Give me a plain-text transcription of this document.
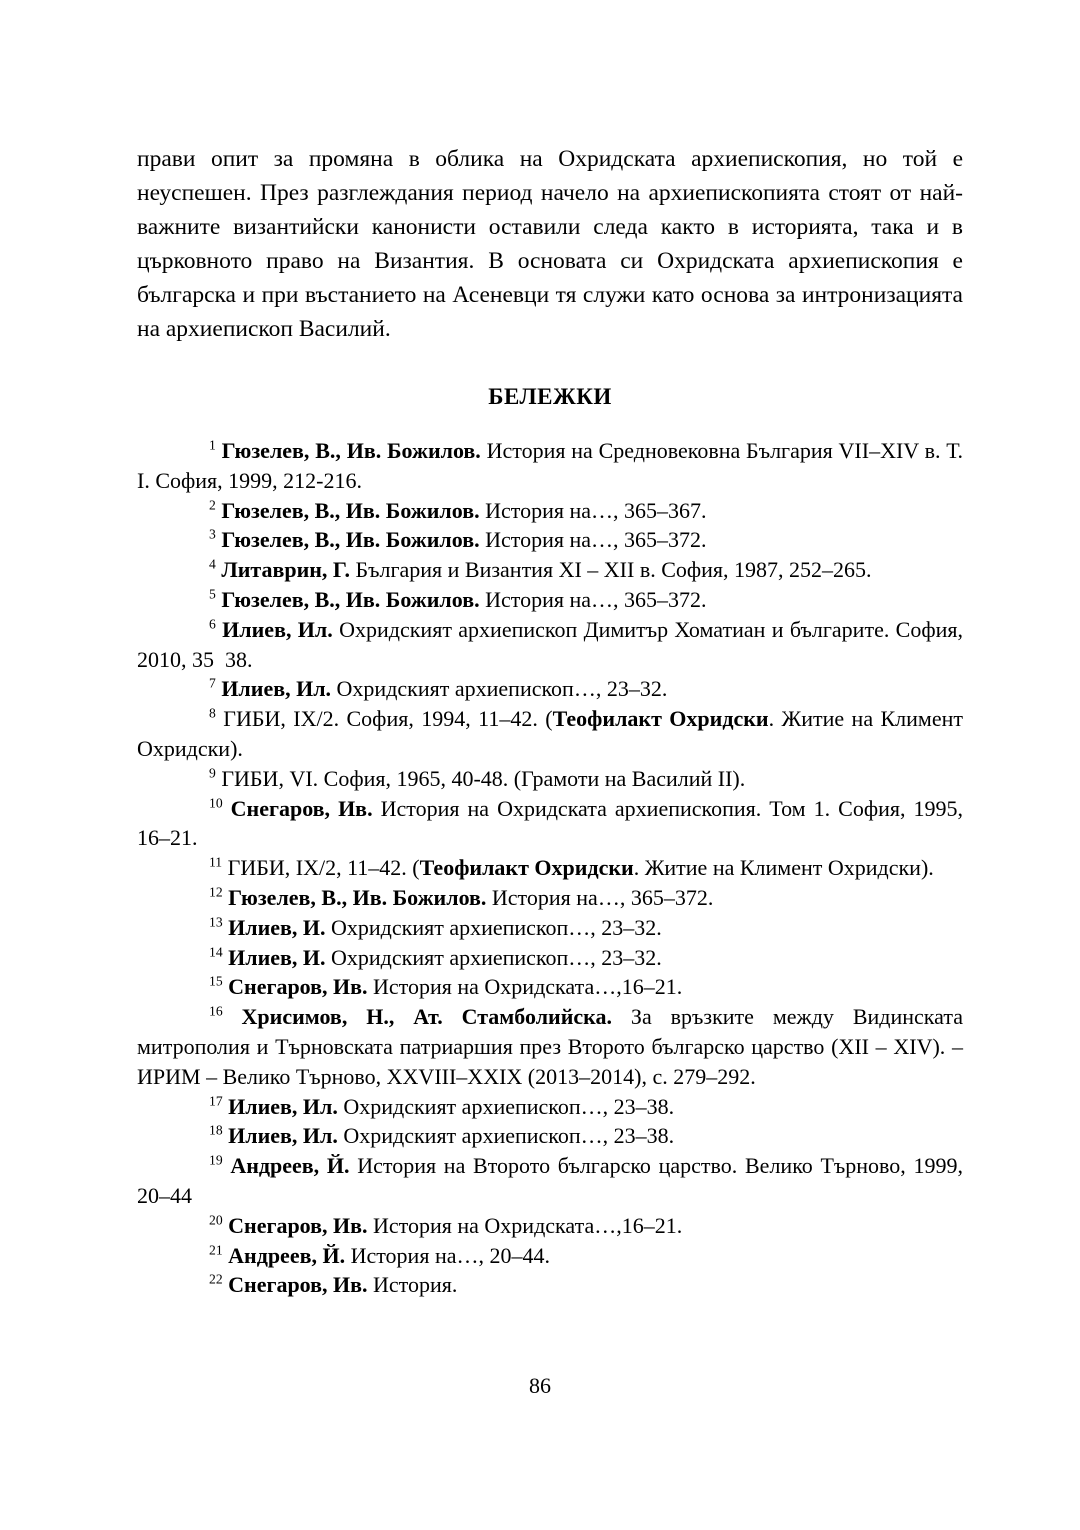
прави опит за промяна в облика на Охридската архиепископия, но той е неуспешен. През разглеждания период начело на архиепископията стоят от най-важните византийски канонисти оставили следа както в историята, така и в църковното право на Византия. В основата си Охридската архиепископия е българска и при въстанието на Асеневци тя служи като основа за интронизацията на архиепископ Василий.

БЕЛЕЖКИ

$^1$ Гюзелев, В., Ив. Божилов. История на Средновековна България VII–XIV в. Т. I. София, 1999, 212-216.

$^2$ Гюзелев, В., Ив. Божилов. История на…, 365–367.

$^3$ Гюзелев, В., Ив. Божилов. История на…, 365–372.

$^4$ Литаврин, Г. България и Византия XI – XII в. София, 1987, 252–265.

$^5$ Гюзелев, В., Ив. Божилов. История на…, 365–372.

$^6$ Илиев, Ил. Охридският архиепископ Димитър Хоматиан и българите. София, 2010, 35  38.

$^7$ Илиев, Ил. Охридският архиепископ…, 23–32.

$^8$ ГИБИ, IX/2. София, 1994, 11–42. (Теофилакт Охридски. Житие на Климент Охридски).

$^9$ ГИБИ, VI. София, 1965, 40-48. (Грамоти на Василий II).

$^{10}$ Снегаров, Ив. История на Охридската архиепископия. Том 1. София, 1995, 16–21.

$^{11}$ ГИБИ, IX/2, 11–42. (Теофилакт Охридски. Житие на Климент Охридски).

$^{12}$ Гюзелев, В., Ив. Божилов. История на…, 365–372.

$^{13}$ Илиев, И. Охридският архиепископ…, 23–32.

$^{14}$ Илиев, И. Охридският архиепископ…, 23–32.

$^{15}$ Снегаров, Ив. История на Охридската…,16–21.

$^{16}$ Хрисимов, Н., Ат. Стамболийска. За връзките между Видинската митрополия и Търновската патриаршия през Второто българско царство (XII – XIV). – ИРИМ – Велико Търново, XXVIII–XXIX (2013–2014), с. 279–292.

$^{17}$ Илиев, Ил. Охридският архиепископ…, 23–38.

$^{18}$ Илиев, Ил. Охридският архиепископ…, 23–38.

$^{19}$ Андреев, Й. История на Второто българско царство. Велико Търново, 1999, 20–44

$^{20}$ Снегаров, Ив. История на Охридската…,16–21.

$^{21}$ Андреев, Й. История на…, 20–44.

$^{22}$ Снегаров, Ив. История.

86
